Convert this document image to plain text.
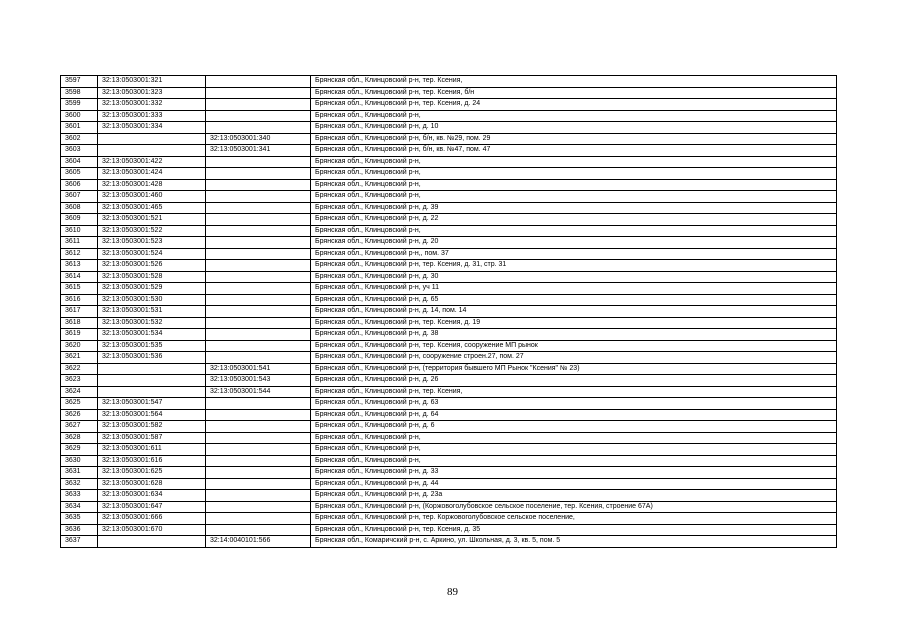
3597	32:13:0503001:321		Брянская обл., Клинцовский р-н, тер. Ксения,
3598	32:13:0503001:323		Брянская обл., Клинцовский р-н, тер. Ксения, б/н
3599	32:13:0503001:332		Брянская обл., Клинцовский р-н, тер. Ксения, д. 24
3600	32:13:0503001:333		Брянская обл., Клинцовский р-н,
3601	32:13:0503001:334		Брянская обл., Клинцовский р-н, д. 10
3602		32:13:0503001:340	Брянская обл., Клинцовский р-н, б/н, кв. №29, пом. 29
3603		32:13:0503001:341	Брянская обл., Клинцовский р-н, б/н, кв. №47, пом. 47
3604	32:13:0503001:422		Брянская обл., Клинцовский р-н,
3605	32:13:0503001:424		Брянская обл., Клинцовский р-н,
3606	32:13:0503001:428		Брянская обл., Клинцовский р-н,
3607	32:13:0503001:460		Брянская обл., Клинцовский р-н,
3608	32:13:0503001:465		Брянская обл., Клинцовский р-н, д. 39
3609	32:13:0503001:521		Брянская обл., Клинцовский р-н, д. 22
3610	32:13:0503001:522		Брянская обл., Клинцовский р-н,
3611	32:13:0503001:523		Брянская обл., Клинцовский р-н, д. 20
3612	32:13:0503001:524		Брянская обл., Клинцовский р-н,, пом. 37
3613	32:13:0503001:526		Брянская обл., Клинцовский р-н, тер. Ксения, д. 31, стр. 31
3614	32:13:0503001:528		Брянская обл., Клинцовский р-н, д. 30
3615	32:13:0503001:529		Брянская обл., Клинцовский р-н, уч 11
3616	32:13:0503001:530		Брянская обл., Клинцовский р-н, д. 65
3617	32:13:0503001:531		Брянская обл., Клинцовский р-н, д. 14, пом. 14
3618	32:13:0503001:532		Брянская обл., Клинцовский р-н, тер. Ксения, д. 19
3619	32:13:0503001:534		Брянская обл., Клинцовский р-н, д. 38
3620	32:13:0503001:535		Брянская обл., Клинцовский р-н, тер. Ксения, сооружение МП рынок
3621	32:13:0503001:536		Брянская обл., Клинцовский р-н, сооружение строен.27, пом. 27
3622		32:13:0503001:541	Брянская обл., Клинцовский р-н, (территория бывшего МП Рынок "Ксения" № 23)
3623		32:13:0503001:543	Брянская обл., Клинцовский р-н, д. 26
3624		32:13:0503001:544	Брянская обл., Клинцовский р-н, тер. Ксения,
3625	32:13:0503001:547		Брянская обл., Клинцовский р-н, д. 63
3626	32:13:0503001:564		Брянская обл., Клинцовский р-н, д. 64
3627	32:13:0503001:582		Брянская обл., Клинцовский р-н, д. 6
3628	32:13:0503001:587		Брянская обл., Клинцовский р-н,
3629	32:13:0503001:611		Брянская обл., Клинцовский р-н,
3630	32:13:0503001:616		Брянская обл., Клинцовский р-н,
3631	32:13:0503001:625		Брянская обл., Клинцовский р-н, д. 33
3632	32:13:0503001:628		Брянская обл., Клинцовский р-н, д. 44
3633	32:13:0503001:634		Брянская обл., Клинцовский р-н, д. 23а
3634	32:13:0503001:647		Брянская обл., Клинцовский р-н, (Коржовоголубовское сельское поселение, тер. Ксения, строение 67А)
3635	32:13:0503001:666		Брянская обл., Клинцовский р-н, тер. Коржовоголубовское сельское поселение,
3636	32:13:0503001:670		Брянская обл., Клинцовский р-н, тер. Ксения, д. 35
3637		32:14:0040101:566	Брянская обл., Комаричский р-н, с. Аркино, ул. Школьная, д. 3, кв. 5, пом. 5
89
